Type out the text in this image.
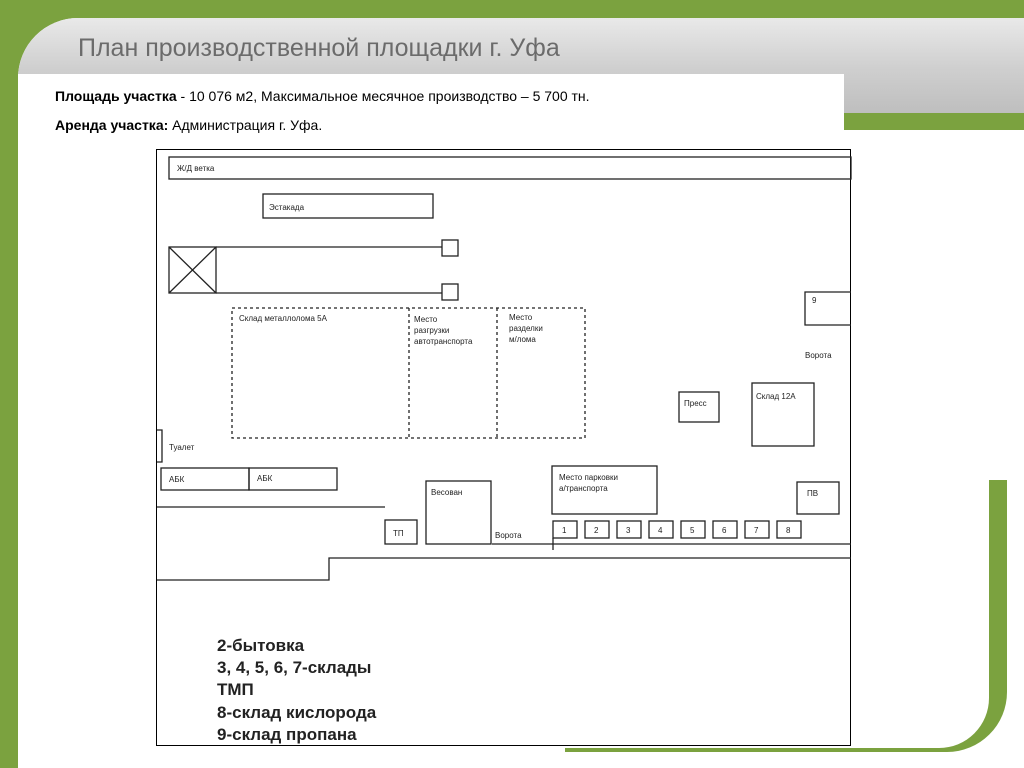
План производственной площадки г. Уфа
Площадь участка - 10 076 м2, Максимальное месячное производство – 5 700 тн.
Аренда участка: Администрация г. Уфа.
Ж/Д ветка
Эстакада
Склад металлолома 5А	Место
разгрузки
автотранспорта
Место
разделки
м/лома
9
Ворота
Пресс
Склад 12А
Туалет
АБК	АБК	Место парковки
а/транспорта
ПВ
ТП
Весован
Ворота
1	2	3	4	5	6	7	8
2-бытовка
3, 4, 5, 6, 7-склады
ТМП
8-склад кислорода
9-склад пропана
